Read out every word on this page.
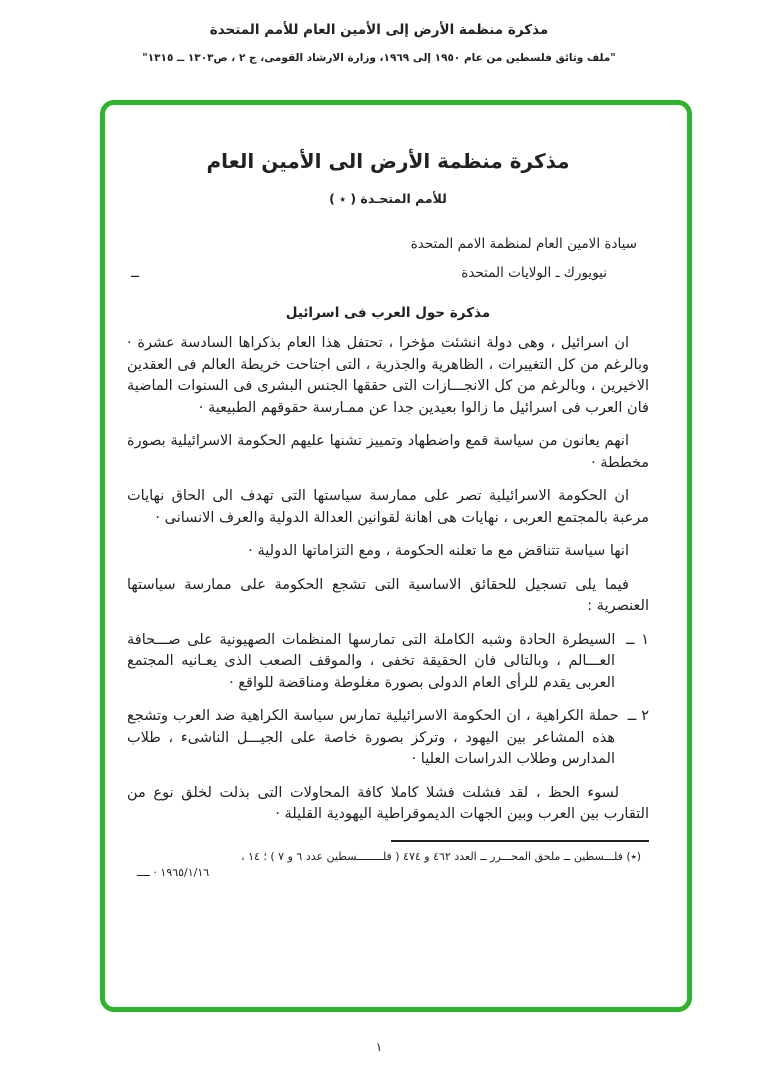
مذكرة منظمة الأرض إلى الأمين العام للأمم المتحدة
"ملف وثائق فلسطين من عام ١٩٥٠ إلى ١٩٦٩، وزارة الارشاد القومى، ج ٢ ، ص١٣٠٣ ــ ١٣١٥"
مذكرة منظمة الأرض الى الأمين العام
للأمم المتحـدة ( ٭ )
سيادة الامين العام لمنظمة الامم المتحدة
نيويورك ـ الولايات المتحدة
ــ
مذكرة حول العرب فى اسرائيل

ان اسرائيل ، وهى دولة انشئت مؤخرا ، تحتفل هذا العام بذكراها السادسة عشرة · وبالرغم من كل التغييرات ، الظاهرية والجذرية ، التى اجتاحت خريطة العالم فى العقدين الاخيرين ، وبالرغم من كل الانجـــازات التى حققها الجنس البشرى فى السنوات الماضية فان العرب فى اسرائيل ما زالوا بعيدين جدا عن ممـارسة حقوقهم الطبيعية ·

انهم يعانون من سياسة قمع واضطهاد وتمييز تشنها عليهم الحكومة الاسرائيلية بصورة مخططة ·

ان الحكومة الاسرائيلية تصر على ممارسة سياستها التى تهدف الى الحاق نهايات مرعبة بالمجتمع العربى ، نهايات هى اهانة لقوانين العدالة الدولية والعرف الانسانى ·

انها سياسة تتناقض مع ما تعلنه الحكومة ، ومع التزاماتها الدولية ·

فيما يلى تسجيل للحقائق الاساسية التى تشجع الحكومة على ممارسة سياستها العنصرية :

١ ــ السيطرة الحادة وشبه الكاملة التى تمارسها المنظمات الصهيونية على صـــحافة العـــالم ، وبالتالى فان الحقيقة تخفى ، والموقف الصعب الذى يعـانيه المجتمع العربى يقدم للرأى العام الدولى بصورة مغلوطة ومناقضة للواقع ·
٢ ــ حملة الكراهية ، ان الحكومة الاسرائيلية تمارس سياسة الكراهية ضد العرب وتشجع هذه المشاعر بين اليهود ، وتركز بصورة خاصة على الجيـــل الناشىء ، طلاب المدارس وطلاب الدراسات العليا ·

لسوء الحظ ، لقد فشلت فشلا كاملا كافة المحاولات التى بذلت لخلق نوع من التقارب بين العرب وبين الجهات الديموقراطية اليهودية القليلة ·

(٭) فلـــسطين ــ ملحق المحـــرر ــ العدد ٤٦٢ و ٤٧٤ ( فلــــــــسطين عدد ٦ و ٧ ) ؛ ١٤ ،
١٩٦٥/١/١٦ · ــــ
١
